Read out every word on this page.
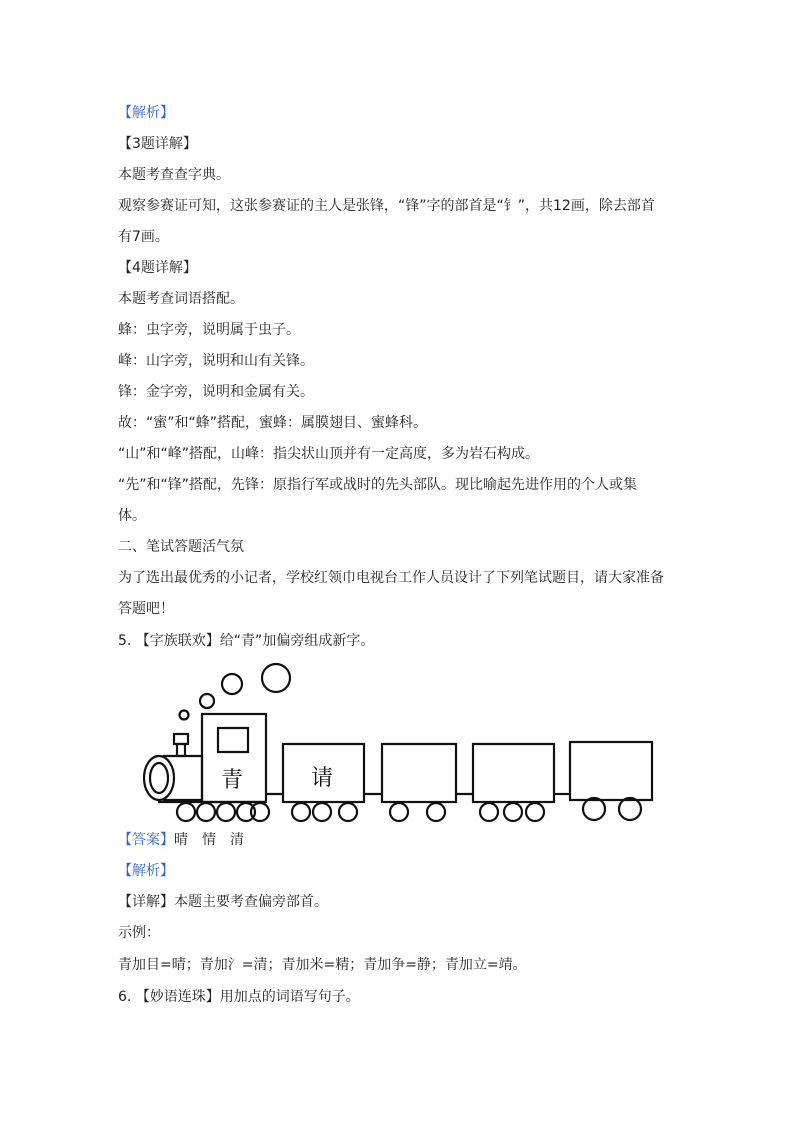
【解析】
【3题详解】
本题考查查字典。
观察参赛证可知，这张参赛证的主人是张锋，“锋”字的部首是“钅”，共12画，除去部首
有7画。
【4题详解】
本题考查词语搭配。
蜂：虫字旁，说明属于虫子。
峰：山字旁，说明和山有关锋。
锋：金字旁，说明和金属有关。
故：“蜜”和“蜂”搭配，蜜蜂：属膜翅目、蜜蜂科。
“山”和“峰”搭配，山峰：指尖状山顶并有一定高度，多为岩石构成。
“先”和“锋”搭配，先锋：原指行军或战时的先头部队。现比喻起先进作用的个人或集
体。
二、笔试答题活气氛
为了选出最优秀的小记者，学校红领巾电视台工作人员设计了下列笔试题目，请大家准备
答题吧！
5. 【字族联欢】给“青”加偏旁组成新字。
青	请
【答案】晴　情　清
【解析】
【详解】本题主要考查偏旁部首。
示例：
青加目=晴；青加氵=清；青加米=精；青加争=静；青加立=靖。
6. 【妙语连珠】用加点的词语写句子。
